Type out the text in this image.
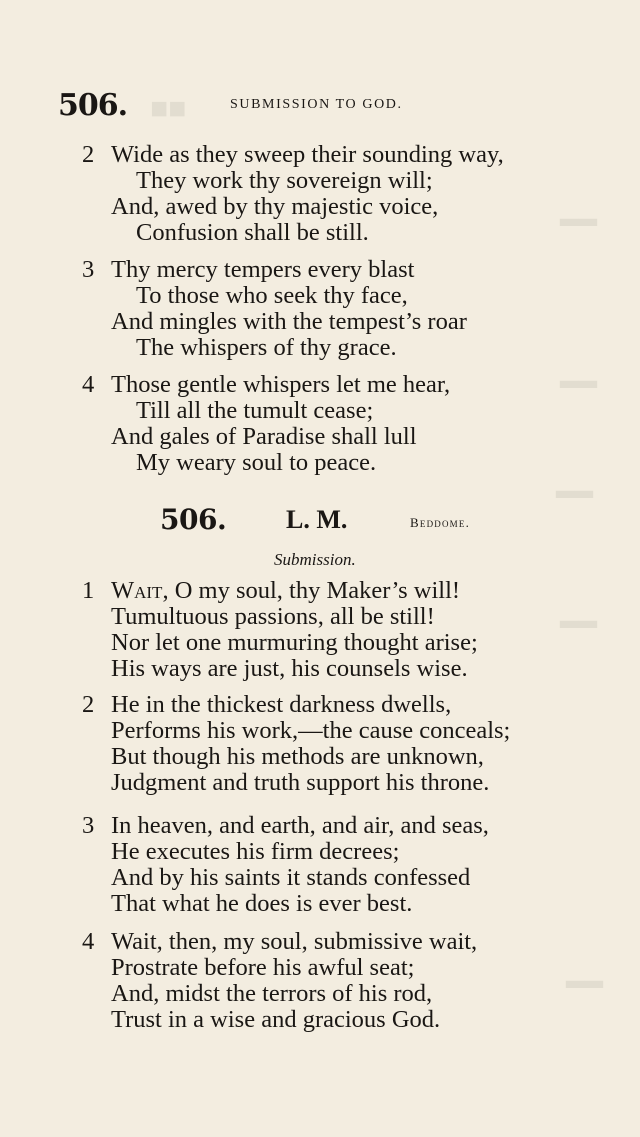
■■
▂▂
▂▂
▂▂
▂▂
▂▂
506.	SUBMISSION TO GOD.
2 Wide as they sweep their sounding way,
They work thy sovereign will;
And, awed by thy majestic voice,
Confusion shall be still.
3 Thy mercy tempers every blast
To those who seek thy face,
And mingles with the tempest’s roar
The whispers of thy grace.
4 Those gentle whispers let me hear,
Till all the tumult cease;
And gales of Paradise shall lull
My weary soul to peace.
506. L. M.	Beddome.
Submission.
1 Wait, O my soul, thy Maker’s will!
Tumultuous passions, all be still!
Nor let one murmuring thought arise;
His ways are just, his counsels wise.
2 He in the thickest darkness dwells,
Performs his work,—the cause conceals;
But though his methods are unknown,
Judgment and truth support his throne.
3 In heaven, and earth, and air, and seas,
He executes his firm decrees;
And by his saints it stands confessed
That what he does is ever best.
4 Wait, then, my soul, submissive wait,
Prostrate before his awful seat;
And, midst the terrors of his rod,
Trust in a wise and gracious God.
